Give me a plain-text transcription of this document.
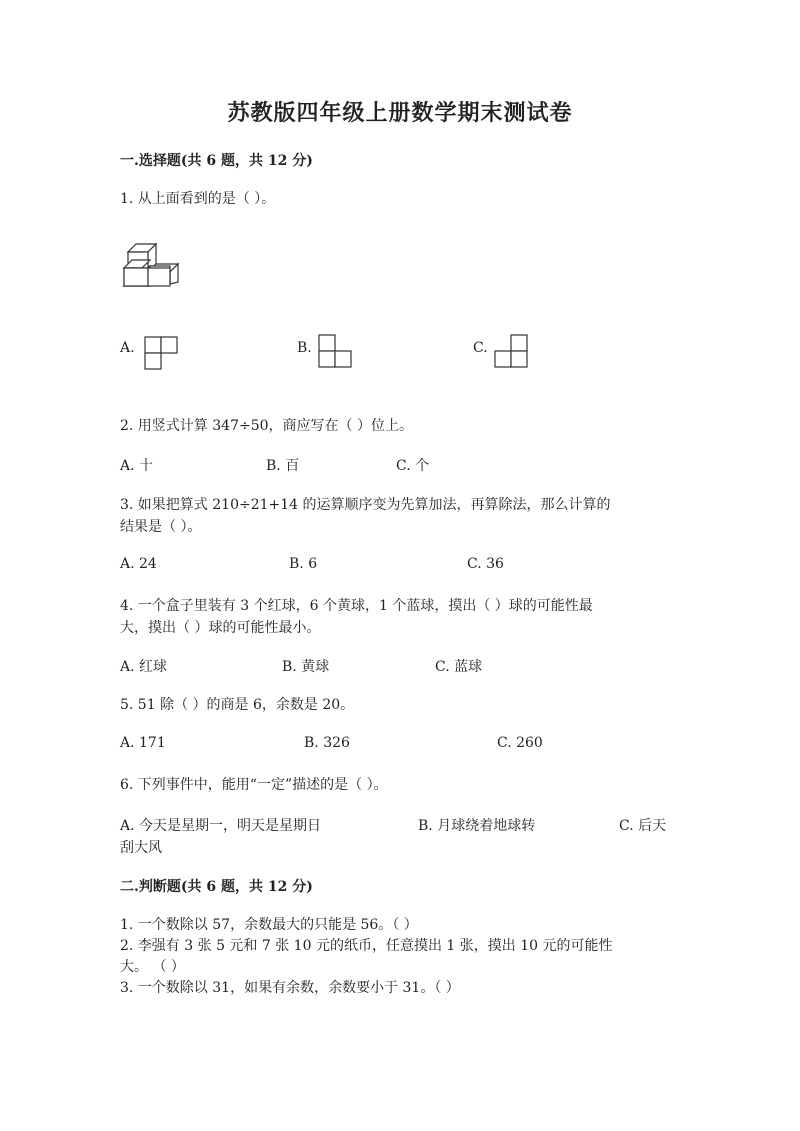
苏教版四年级上册数学期末测试卷
一.选择题(共 6 题，共 12 分)
1. 从上面看到的是（ ）。
A.	B.	C.
2. 用竖式计算 347÷50，商应写在（ ）位上。
A. 十	B. 百	C. 个
3. 如果把算式 210÷21+14 的运算顺序变为先算加法，再算除法，那么计算的
结果是（ ）。
A. 24	B. 6	C. 36
4. 一个盒子里装有 3 个红球，6 个黄球，1 个蓝球，摸出（ ）球的可能性最
大，摸出（ ）球的可能性最小。
A. 红球	B. 黄球	C. 蓝球
5. 51 除（ ）的商是 6，余数是 20。
A. 171	B. 326	C. 260
6. 下列事件中，能用“一定”描述的是（ ）。
A. 今天是星期一，明天是星期日	B. 月球绕着地球转	C. 后天
刮大风
二.判断题(共 6 题，共 12 分)
1. 一个数除以 57，余数最大的只能是 56。（ ）
2. 李强有 3 张 5 元和 7 张 10 元的纸币，任意摸出 1 张，摸出 10 元的可能性
大。 （ ）
3. 一个数除以 31，如果有余数，余数要小于 31。（ ）
